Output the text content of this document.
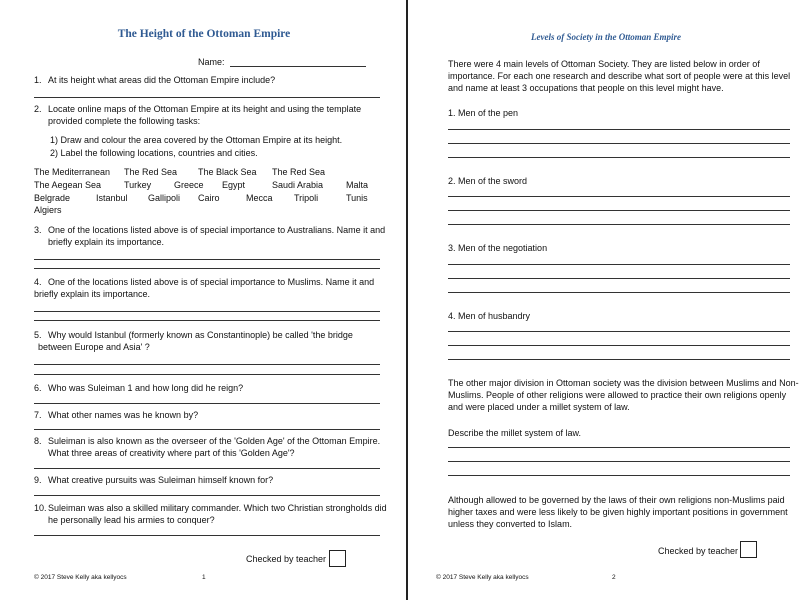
The Height of the Ottoman Empire
Name:
1. At its height what areas did the Ottoman Empire include?
2. Locate online maps of the Ottoman Empire at its height and using the template
provided complete the following tasks:
1) Draw and colour the area covered by the Ottoman Empire at its height.
2) Label the following locations, countries and cities.
The Mediterranean The Red Sea The Black Sea The Red Sea
The Aegean Sea	Turkey	Greece Egypt	Saudi Arabia	Malta
Belgrade	Istanbul Gallipoli Cairo	Mecca Tripoli	Tunis
Algiers
3. One of the locations listed above is of special importance to Australians. Name it and
briefly explain its importance.
4. One of the locations listed above is of special importance to Muslims. Name it and
briefly explain its importance.
5. Why would Istanbul (formerly known as Constantinople) be called 'the bridge
between Europe and Asia' ?
6. Who was Suleiman 1 and how long did he reign?
7. What other names was he known by?
8. Suleiman is also known as the overseer of the 'Golden Age' of the Ottoman Empire.
What three areas of creativity where part of this 'Golden Age'?
9. What creative pursuits was Suleiman himself known for?
10. Suleiman was also a skilled military commander. Which two Christian strongholds did
he personally lead his armies to conquer?
Checked by teacher
© 2017 Steve Kelly aka kellyocs	1
Levels of Society in the Ottoman Empire
There were 4 main levels of Ottoman Society. They are listed below in order of
importance. For each one research and describe what sort of people were at this level
and name at least 3 occupations that people on this level might have.
1. Men of the pen
2. Men of the sword
3. Men of the negotiation
4. Men of husbandry
The other major division in Ottoman society was the division between Muslims and Non-
Muslims. People of other religions were allowed to practice their own religions openly
and were placed under a millet system of law.
Describe the millet system of law.
Although allowed to be governed by the laws of their own religions non-Muslims paid
higher taxes and were less likely to be given highly important positions in government
unless they converted to Islam.
Checked by teacher
© 2017 Steve Kelly aka kellyocs	2
